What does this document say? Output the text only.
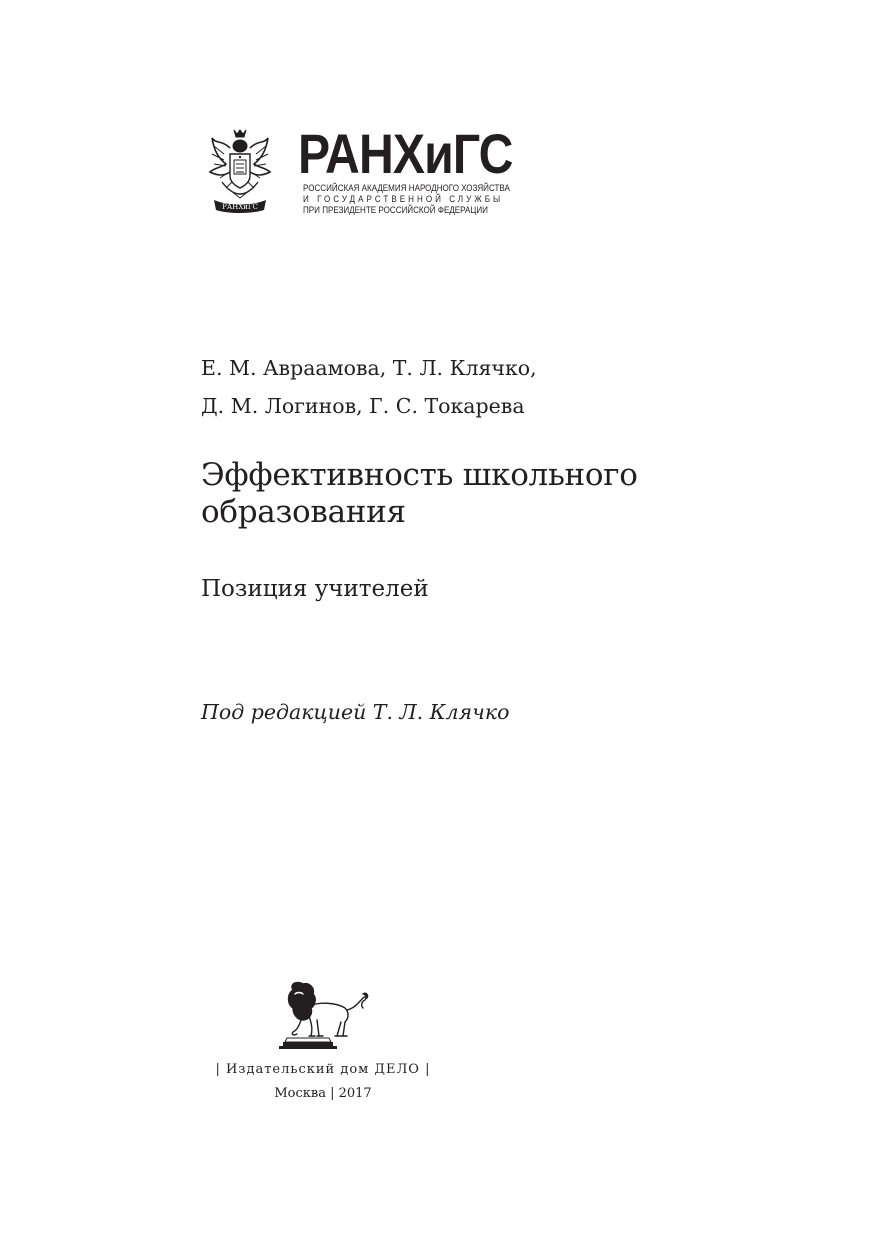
РАНХиГС
РАНХиГС

РОССИЙСКАЯ АКАДЕМИЯ НАРОДНОГО ХОЗЯЙСТВА

И ГОСУДАРСТВЕННОЙ СЛУЖБЫ

ПРИ ПРЕЗИДЕНТЕ РОССИЙСКОЙ ФЕДЕРАЦИИ

Е. М. Авраамова, Т. Л. Клячко,

Д. М. Логинов, Г. С. Токарева

Эффективность школьного образования

Позиция учителей

Под редакцией Т. Л. Клячко

| Издательский дом ДЕЛО |

Москва | 2017
